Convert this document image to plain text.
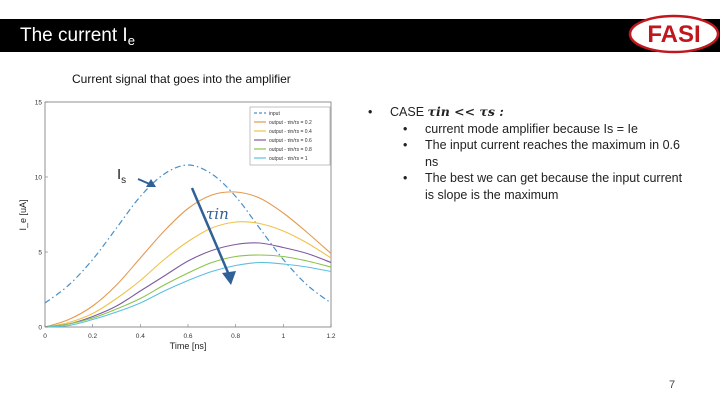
The current $I_e$	FASI
Current signal that goes into the amplifier
0	0.2	0.4	0.6	0.8	1	1.2
0
5
10
15
Time [ns]
I_e [uA]
input
output - τin/τs = 0.2
output - τin/τs = 0.4
output - τin/τs = 0.6
output - τin/τs = 0.8
output - τin/τs = 1
τin
$I_s$
•	CASE τin << τs :
•	current mode amplifier because Is = Ie
•	The input current reaches the maximum in 0.6 ns
•	The best we can get because the input current is slope is the maximum
7
